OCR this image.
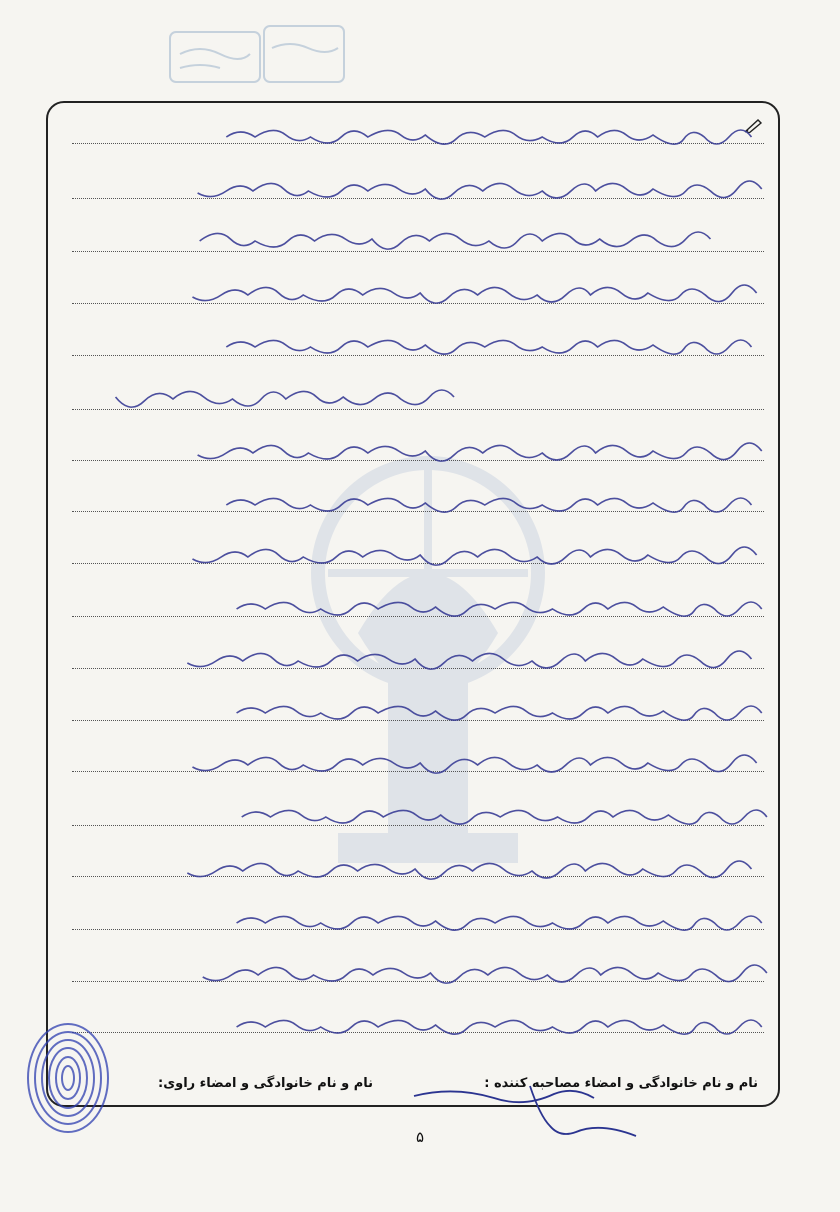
نام و نام خانوادگی و امضاء مصاحبه کننده :
نام و نام خانوادگی و امضاء راوی:
۵
